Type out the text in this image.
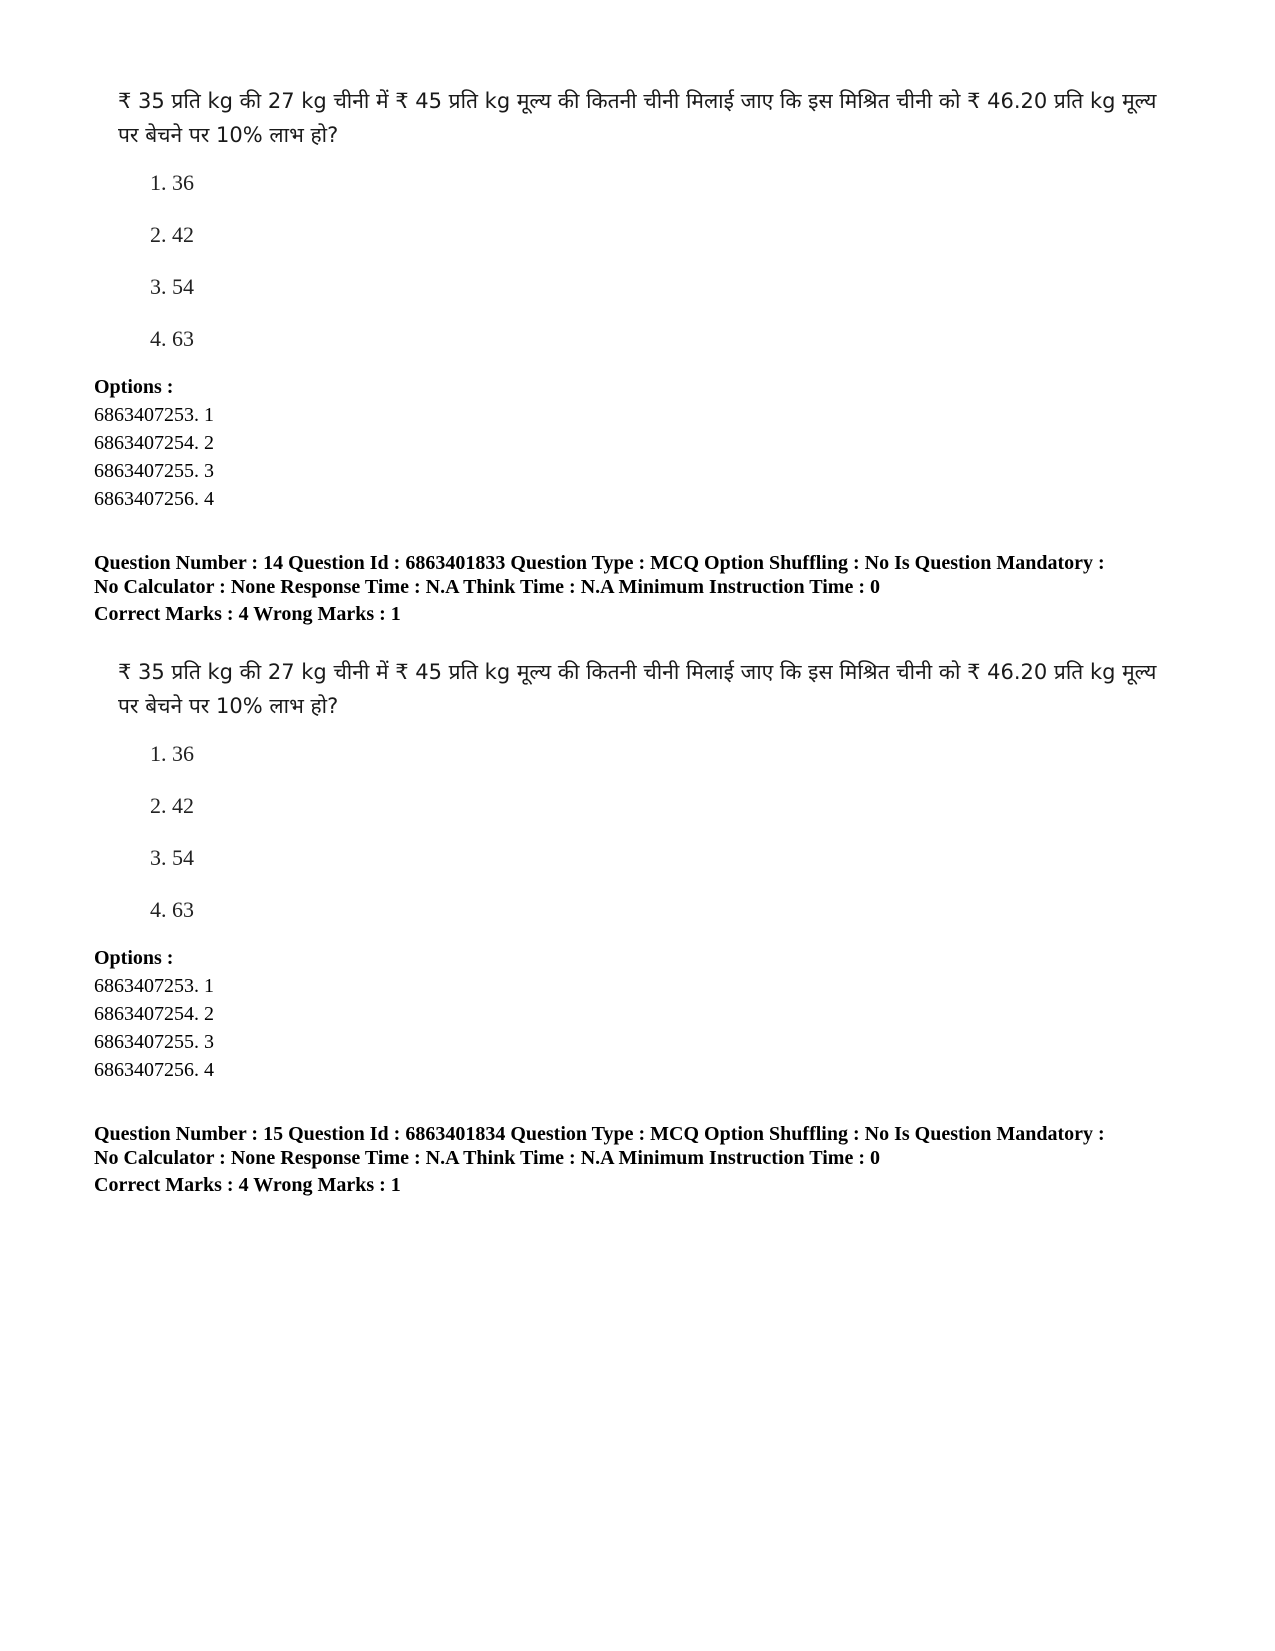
₹ 35 प्रति kg की 27 kg चीनी में ₹ 45 प्रति kg मूल्य की कितनी चीनी मिलाई जाए कि इस मिश्रित चीनी को ₹ 46.20 प्रति kg मूल्य पर बेचने पर 10% लाभ हो?
1. 36
2. 42
3. 54
4. 63
Options :
6863407253. 1
6863407254. 2
6863407255. 3
6863407256. 4
Question Number : 14 Question Id : 6863401833 Question Type : MCQ Option Shuffling : No Is Question Mandatory :
No Calculator : None Response Time : N.A Think Time : N.A Minimum Instruction Time : 0
Correct Marks : 4 Wrong Marks : 1
₹ 35 प्रति kg की 27 kg चीनी में ₹ 45 प्रति kg मूल्य की कितनी चीनी मिलाई जाए कि इस मिश्रित चीनी को ₹ 46.20 प्रति kg मूल्य पर बेचने पर 10% लाभ हो?
1. 36
2. 42
3. 54
4. 63
Options :
6863407253. 1
6863407254. 2
6863407255. 3
6863407256. 4
Question Number : 15 Question Id : 6863401834 Question Type : MCQ Option Shuffling : No Is Question Mandatory :
No Calculator : None Response Time : N.A Think Time : N.A Minimum Instruction Time : 0
Correct Marks : 4 Wrong Marks : 1
